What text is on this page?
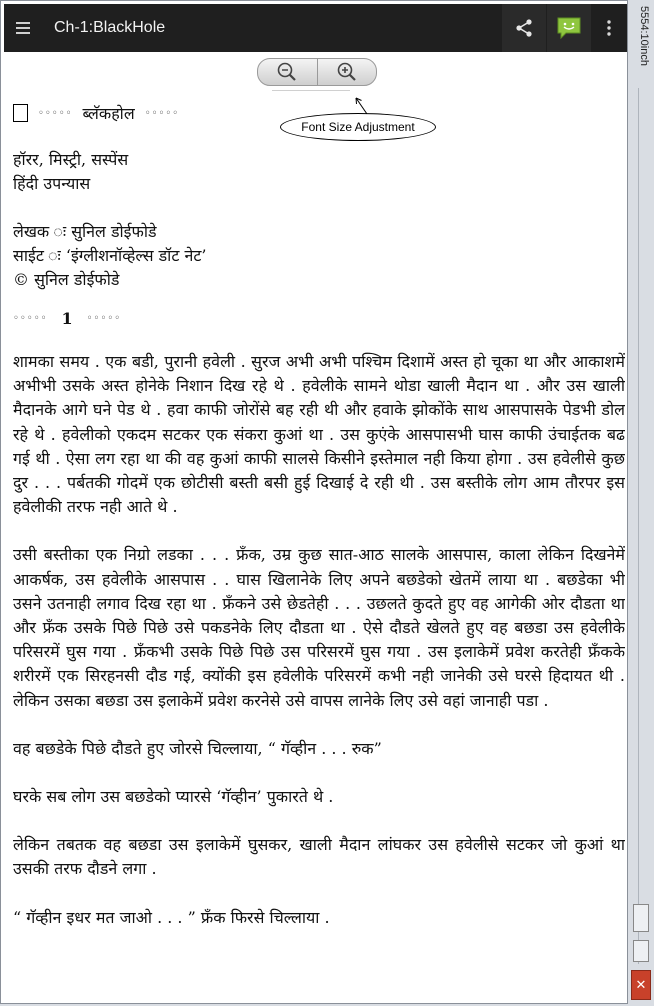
Ch-1:BlackHole
Font Size Adjustment
◦◦◦◦◦ ब्लॅकहोल ◦◦◦◦◦
हॉरर, मिस्ट्री, सस्पेंस
हिंदी उपन्यास
लेखक ः सुनिल डोईफोडे
साईट ः ‘इंग्लीशनॉव्हेल्स डॉट नेट’
© सुनिल डोईफोडे
◦◦◦◦◦ 1 ◦◦◦◦◦

शामका समय . एक बडी, पुरानी हवेली . सुरज अभी अभी पश्चिम दिशामें अस्त हो चूका था और आकाशमें अभीभी उसके अस्त होनेके निशान दिख रहे थे . हवेलीके सामने थोडा खाली मैदान था . और उस खाली मैदानके आगे घने पेड थे . हवा काफी जोरोंसे बह रही थी और हवाके झोकोंके साथ आसपासके पेडभी डोल रहे थे . हवेलीको एकदम सटकर एक संकरा कुआं था . उस कुएंके आसपासभी घास काफी उंचाईतक बढ गई थी . ऐसा लग रहा था की वह कुआं काफी सालसे किसीने इस्तेमाल नही किया होगा . उस हवेलीसे कुछ दुर . . . पर्बतकी गोदमें एक छोटीसी बस्ती बसी हुई दिखाई दे रही थी . उस बस्तीके लोग आम तौरपर इस हवेलीकी तरफ नही आते थे .

उसी बस्तीका एक निग्रो लडका . . . फ्रॅंक, उम्र कुछ सात-आठ सालके आसपास, काला लेकिन दिखनेमें आकर्षक, उस हवेलीके आसपास . . घास खिलानेके लिए अपने बछडेको खेतमें लाया था . बछडेका भी उसने उतनाही लगाव दिख रहा था . फ्रॅंकने उसे छेडतेही . . . उछलते कुदते हुए वह आगेकी ओर दौडता था और फ्रॅंक उसके पिछे पिछे उसे पकडनेके लिए दौडता था . ऐसे दौडते खेलते हुए वह बछडा उस हवेलीके परिसरमें घुस गया . फ्रॅंकभी उसके पिछे पिछे उस परिसरमें घुस गया . उस इलाकेमें प्रवेश करतेही फ्रॅंकके शरीरमें एक सिरहनसी दौड गई, क्योंकी इस हवेलीके परिसरमें कभी नही जानेकी उसे घरसे हिदायत थी . लेकिन उसका बछडा उस इलाकेमें प्रवेश करनेसे उसे वापस लानेके लिए उसे वहां जानाही पडा .

वह बछडेके पिछे दौडते हुए जोरसे चिल्लाया, “ गॅव्हीन . . . रुक”

घरके सब लोग उस बछडेको प्यारसे ‘गॅव्हीन’ पुकारते थे .

लेकिन तबतक वह बछडा उस इलाकेमें घुसकर, खाली मैदान लांघकर उस हवेलीसे सटकर जो कुआं था उसकी तरफ दौडने लगा .

“ गॅव्हीन इधर मत जाओ . . . ” फ्रॅंक फिरसे चिल्लाया .

5554:10inch
✕
